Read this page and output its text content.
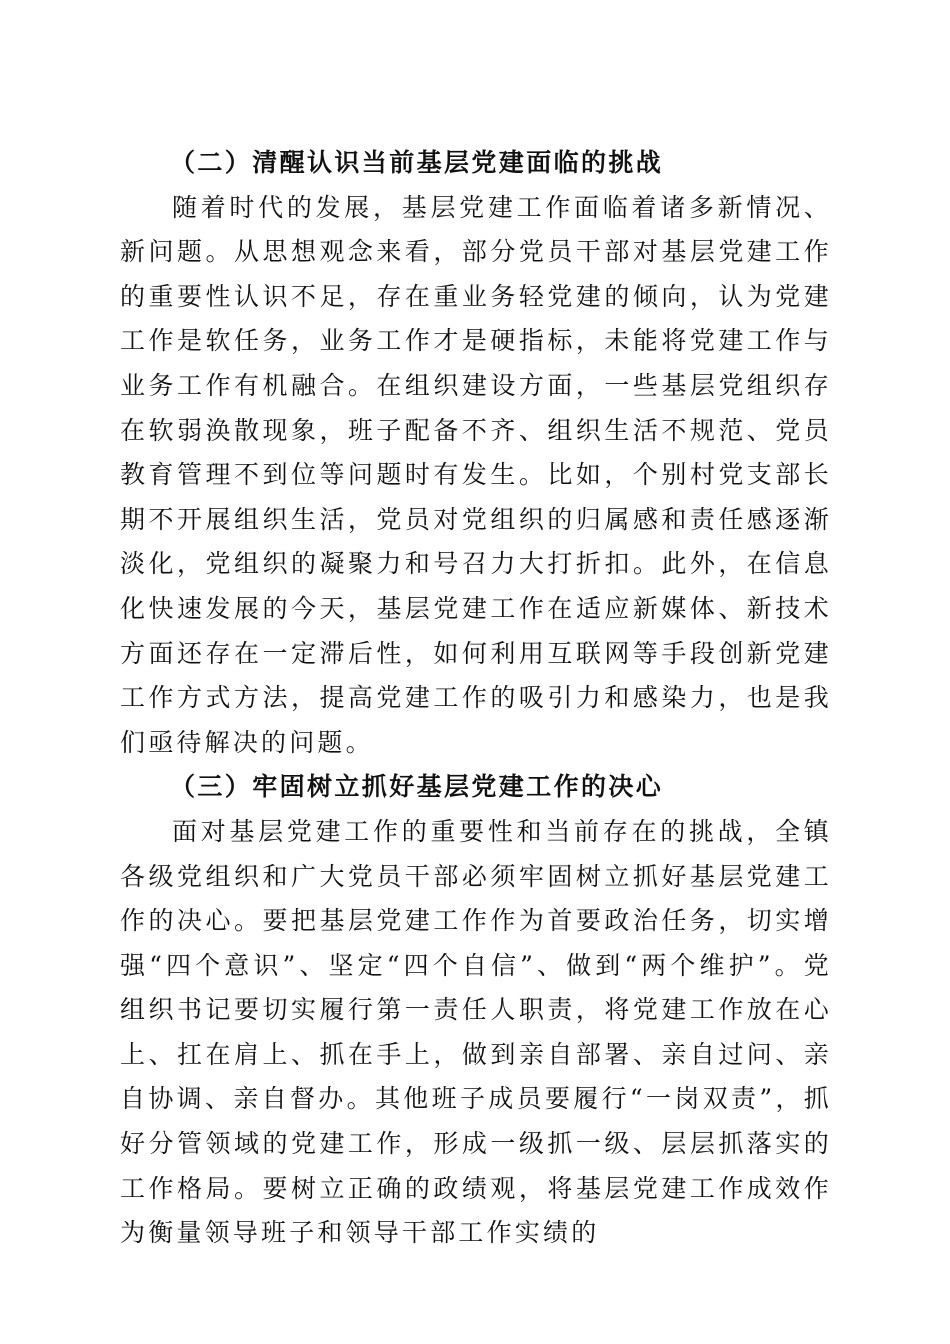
（二）清醒认识当前基层党建面临的挑战

随着时代的发展，基层党建工作面临着诸多新情况、新问题。从思想观念来看，部分党员干部对基层党建工作的重要性认识不足，存在重业务轻党建的倾向，认为党建工作是软任务，业务工作才是硬指标，未能将党建工作与业务工作有机融合。在组织建设方面，一些基层党组织存在软弱涣散现象，班子配备不齐、组织生活不规范、党员教育管理不到位等问题时有发生。比如，个别村党支部长期不开展组织生活，党员对党组织的归属感和责任感逐渐淡化，党组织的凝聚力和号召力大打折扣。此外，在信息化快速发展的今天，基层党建工作在适应新媒体、新技术方面还存在一定滞后性，如何利用互联网等手段创新党建工作方式方法，提高党建工作的吸引力和感染力，也是我们亟待解决的问题。

（三）牢固树立抓好基层党建工作的决心

面对基层党建工作的重要性和当前存在的挑战，全镇各级党组织和广大党员干部必须牢固树立抓好基层党建工作的决心。要把基层党建工作作为首要政治任务，切实增强“四个意识”、坚定“四个自信”、做到“两个维护”。党组织书记要切实履行第一责任人职责，将党建工作放在心上、扛在肩上、抓在手上，做到亲自部署、亲自过问、亲自协调、亲自督办。其他班子成员要履行“一岗双责”，抓好分管领域的党建工作，形成一级抓一级、层层抓落实的工作格局。要树立正确的政绩观，将基层党建工作成效作为衡量领导班子和领导干部工作实绩的
